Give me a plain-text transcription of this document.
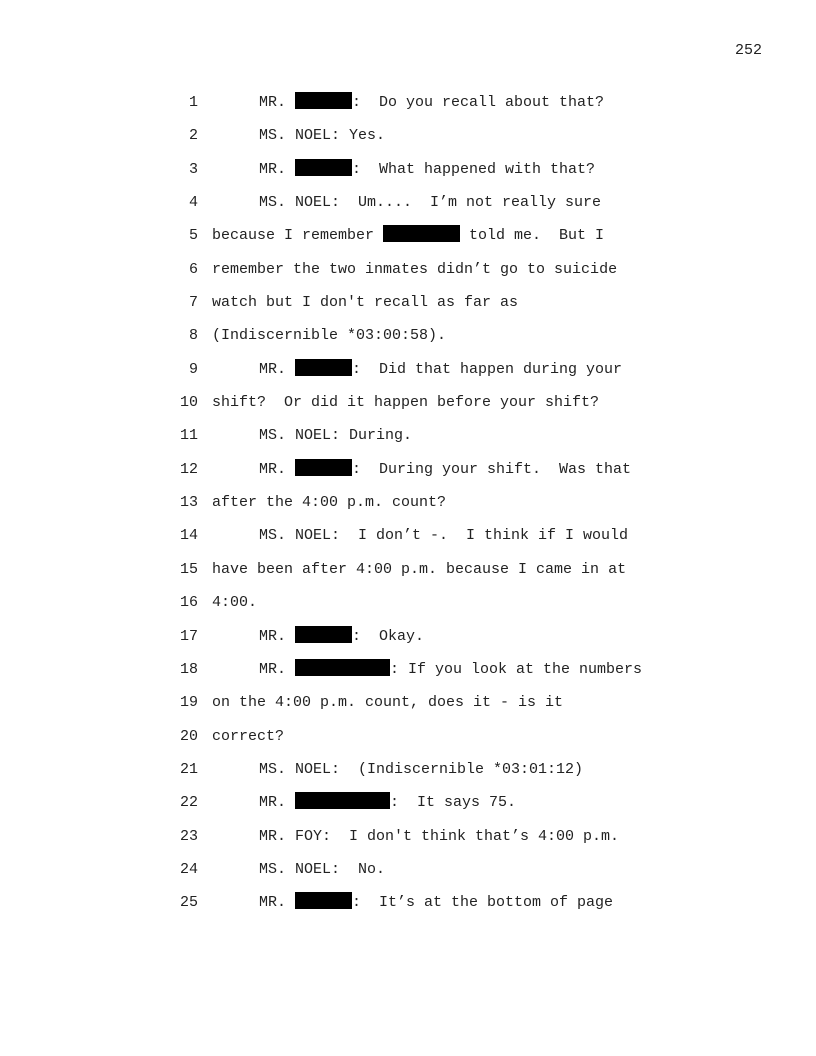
252
1	MR.	:  Do you recall about that?
2	MS. NOEL: Yes.
3	MR.	:  What happened with that?
4	MS. NOEL:  Um....  I’m not really sure
5 because I remember	told me.  But I
6 remember the two inmates didn’t go to suicide
7 watch but I don't recall as far as
8 (Indiscernible *03:00:58).
9	MR.	:  Did that happen during your
10 shift?  Or did it happen before your shift?
11	MS. NOEL: During.
12	MR.	:  During your shift.  Was that
13 after the 4:00 p.m. count?
14	MS. NOEL:  I don’t -.  I think if I would
15 have been after 4:00 p.m. because I came in at
16 4:00.
17	MR.	:  Okay.
18	MR.	: If you look at the numbers
19 on the 4:00 p.m. count, does it - is it
20 correct?
21	MS. NOEL:  (Indiscernible *03:01:12)
22	MR.	:  It says 75.
23	MR. FOY:  I don't think that’s 4:00 p.m.
24	MS. NOEL:  No.
25	MR.	:  It’s at the bottom of page
